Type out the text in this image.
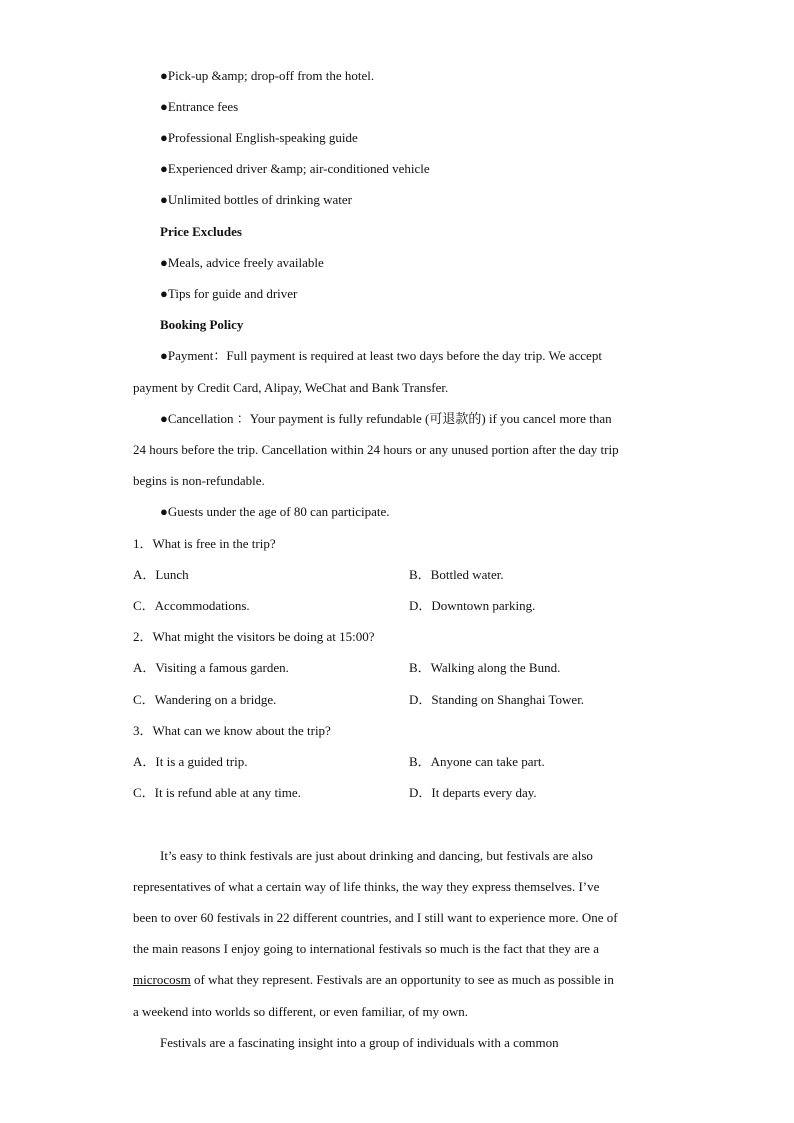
●Pick-up &amp; drop-off from the hotel.
●Entrance fees
●Professional English-speaking guide
●Experienced driver &amp; air-conditioned vehicle
●Unlimited bottles of drinking water
Price Excludes
●Meals, advice freely available
●Tips for guide and driver
Booking Policy
●Payment：Full payment is required at least two days before the day trip. We accept
payment by Credit Card, Alipay, WeChat and Bank Transfer.
●Cancellation ：Your payment is fully refundable (可退款的) if you cancel more than
24 hours before the trip. Cancellation within 24 hours or any unused portion after the day trip
begins is non-refundable.
●Guests under the age of 80 can participate.
1．What is free in the trip?
A．Lunch	B．Bottled water.
C．Accommodations.	D．Downtown parking.
2．What might the visitors be doing at 15:00?
A．Visiting a famous garden.	B．Walking along the Bund.
C．Wandering on a bridge.	D．Standing on Shanghai Tower.
3．What can we know about the trip?
A．It is a guided trip.	B．Anyone can take part.
C．It is refund able at any time.	D．It departs every day.
It’s easy to think festivals are just about drinking and dancing, but festivals are also
representatives of what a certain way of life thinks, the way they express themselves. I’ve
been to over 60 festivals in 22 different countries, and I still want to experience more. One of
the main reasons I enjoy going to international festivals so much is the fact that they are a
microcosm of what they represent. Festivals are an opportunity to see as much as possible in
a weekend into worlds so different, or even familiar, of my own.
Festivals are a fascinating insight into a group of individuals with a common
